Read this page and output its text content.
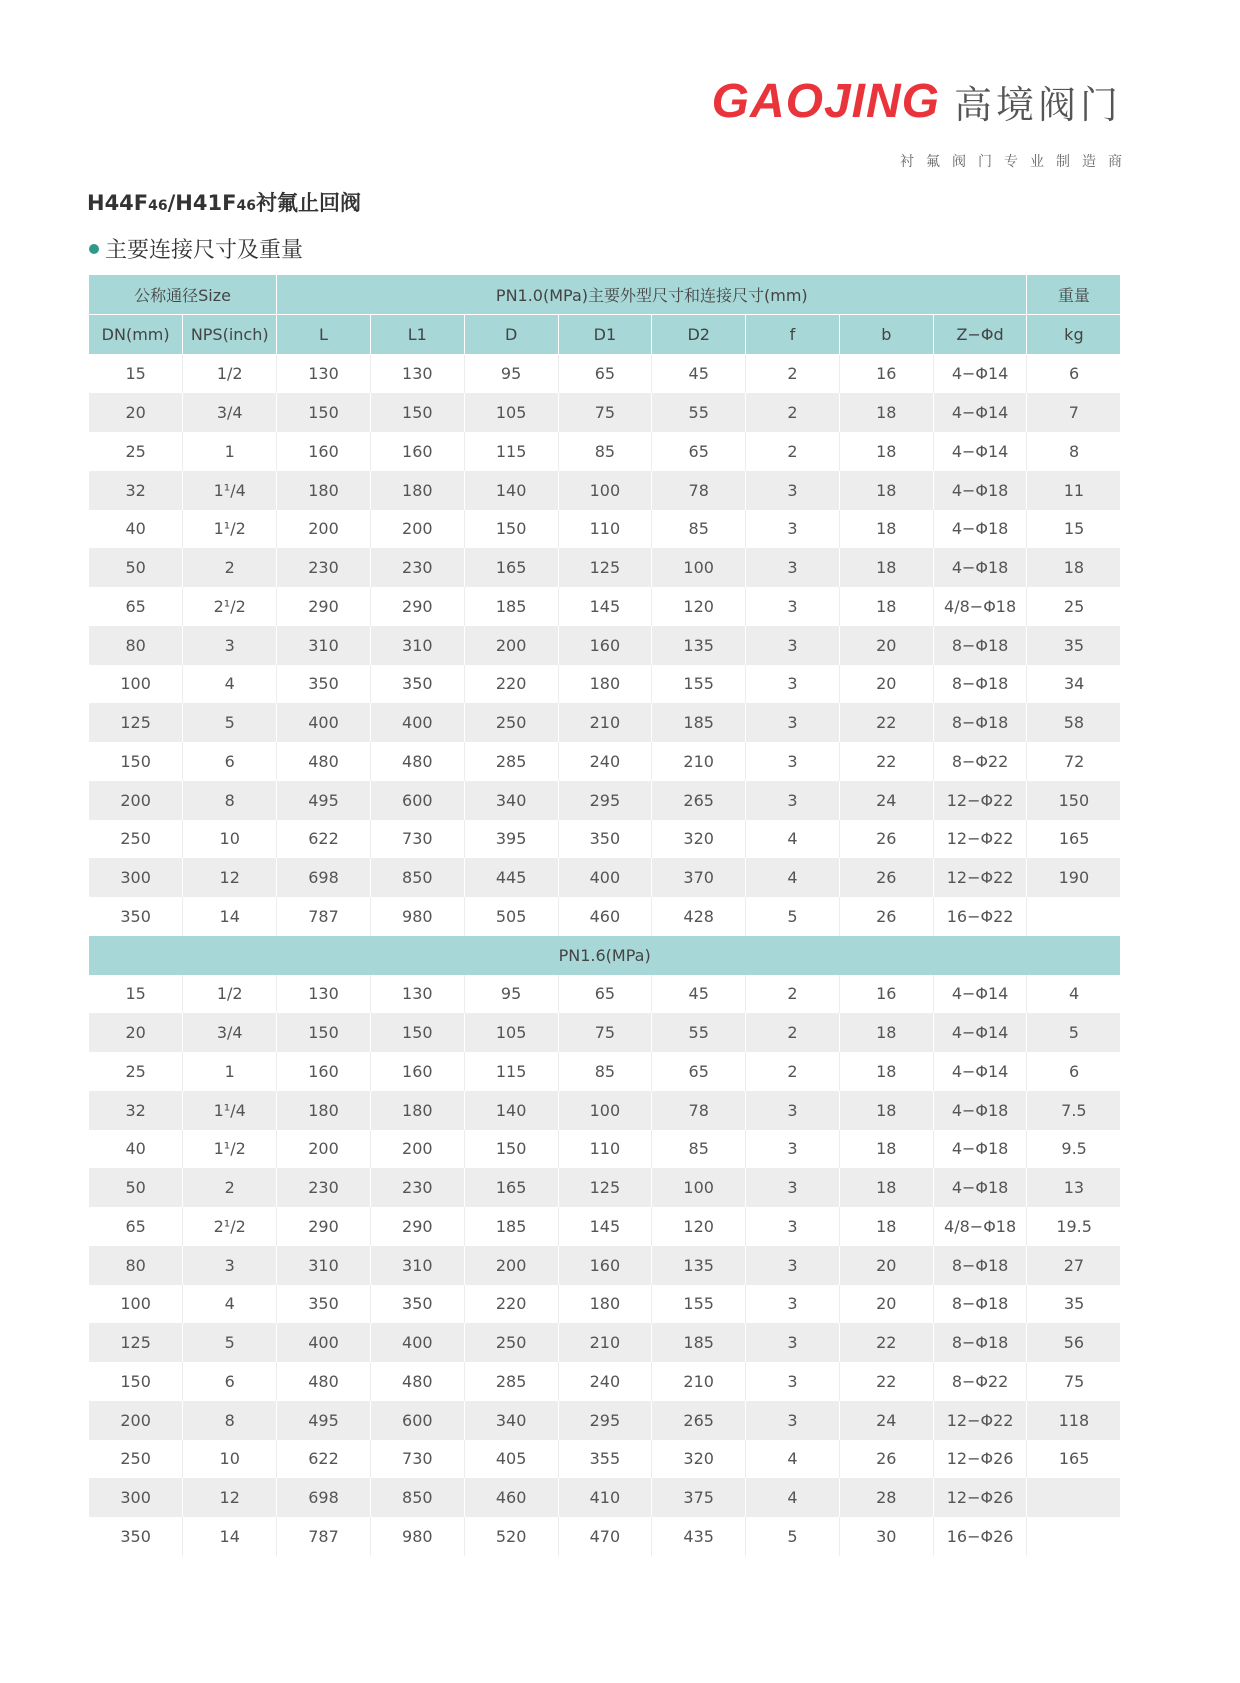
GAOJING 高境阀门
衬氟阀门专业制造商
H44F46/H41F46衬氟止回阀
主要连接尺寸及重量
公称通径Size		PN1.0(MPa)主要外型尺寸和连接尺寸(mm)								重量
DN(mm)	NPS(inch)	L	L1	D	D1	D2	f	b	Z−Φd	kg
15	1/2	130	130	95	65	45	2	16	4−Φ14	6
20	3/4	150	150	105	75	55	2	18	4−Φ14	7
25	1	160	160	115	85	65	2	18	4−Φ14	8
32	1¹/4	180	180	140	100	78	3	18	4−Φ18	11
40	1¹/2	200	200	150	110	85	3	18	4−Φ18	15
50	2	230	230	165	125	100	3	18	4−Φ18	18
65	2¹/2	290	290	185	145	120	3	18	4/8−Φ18	25
80	3	310	310	200	160	135	3	20	8−Φ18	35
100	4	350	350	220	180	155	3	20	8−Φ18	34
125	5	400	400	250	210	185	3	22	8−Φ18	58
150	6	480	480	285	240	210	3	22	8−Φ22	72
200	8	495	600	340	295	265	3	24	12−Φ22	150
250	10	622	730	395	350	320	4	26	12−Φ22	165
300	12	698	850	445	400	370	4	26	12−Φ22	190
350	14	787	980	505	460	428	5	26	16−Φ22	
PN1.6(MPa)										
15	1/2	130	130	95	65	45	2	16	4−Φ14	4
20	3/4	150	150	105	75	55	2	18	4−Φ14	5
25	1	160	160	115	85	65	2	18	4−Φ14	6
32	1¹/4	180	180	140	100	78	3	18	4−Φ18	7.5
40	1¹/2	200	200	150	110	85	3	18	4−Φ18	9.5
50	2	230	230	165	125	100	3	18	4−Φ18	13
65	2¹/2	290	290	185	145	120	3	18	4/8−Φ18	19.5
80	3	310	310	200	160	135	3	20	8−Φ18	27
100	4	350	350	220	180	155	3	20	8−Φ18	35
125	5	400	400	250	210	185	3	22	8−Φ18	56
150	6	480	480	285	240	210	3	22	8−Φ22	75
200	8	495	600	340	295	265	3	24	12−Φ22	118
250	10	622	730	405	355	320	4	26	12−Φ26	165
300	12	698	850	460	410	375	4	28	12−Φ26	
350	14	787	980	520	470	435	5	30	16−Φ26	
